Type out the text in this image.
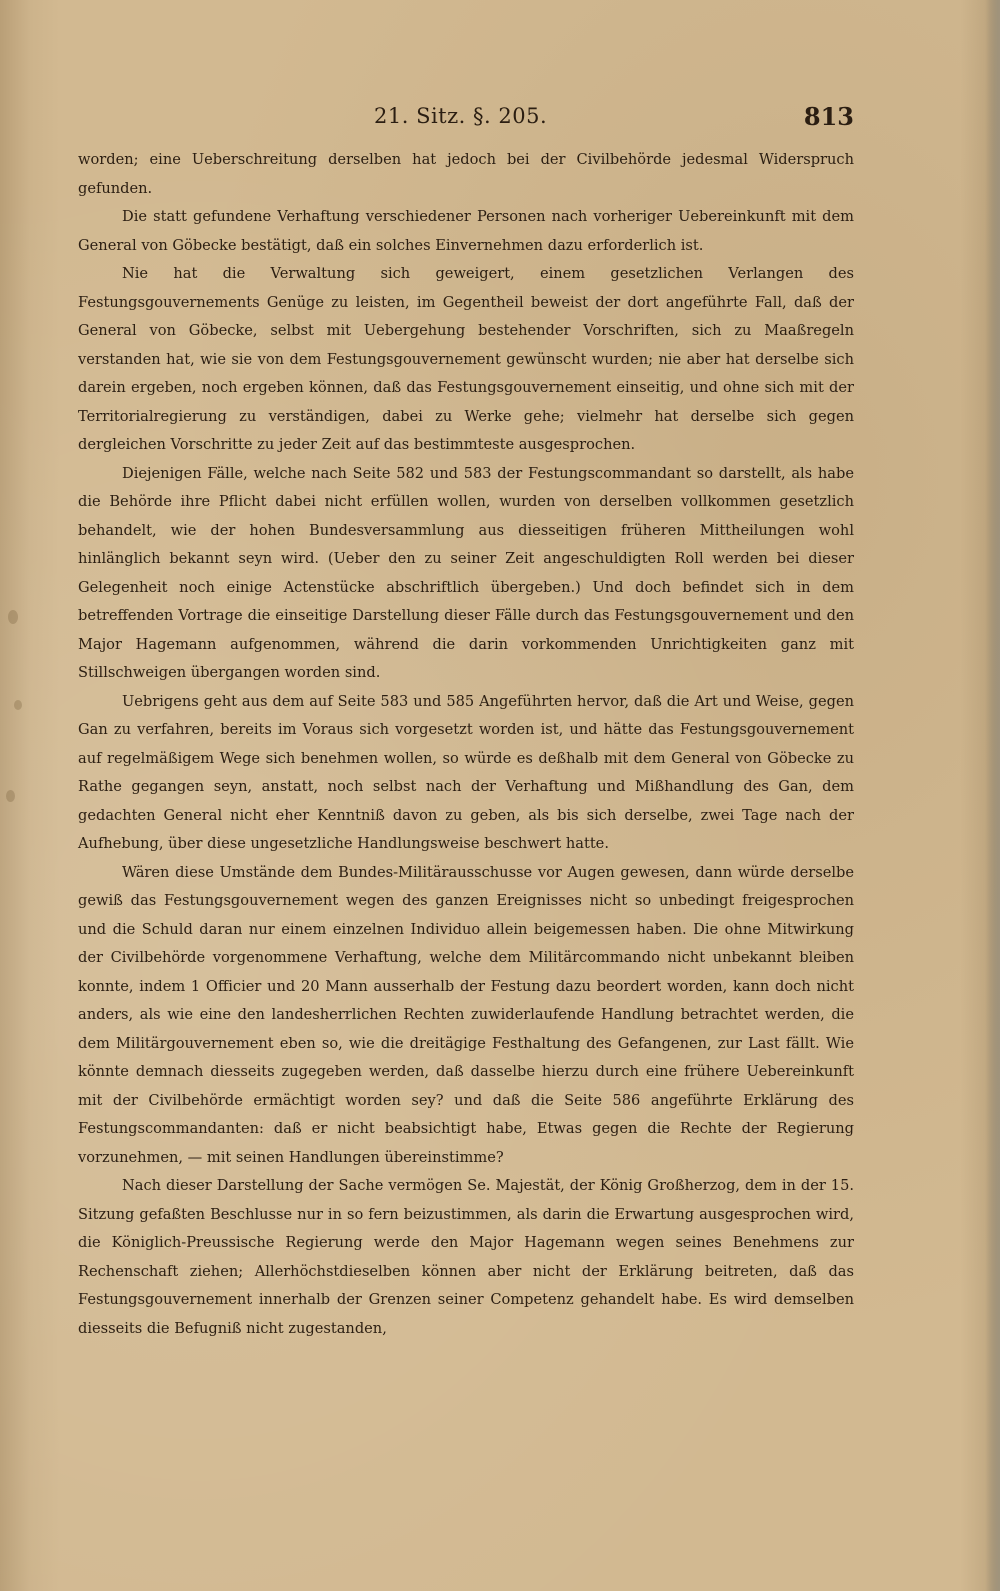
21. Sitz. §. 205.	813

worden; eine Ueberschreitung derselben hat jedoch bei der Civilbehörde jedesmal Widerspruch gefunden.

Die statt gefundene Verhaftung verschiedener Personen nach vorheriger Uebereinkunft mit dem General von Göbecke bestätigt, daß ein solches Einvernehmen dazu erforderlich ist.

Nie hat die Verwaltung sich geweigert, einem gesetzlichen Verlangen des Festungsgouvernements Genüge zu leisten, im Gegentheil beweist der dort angeführte Fall, daß der General von Göbecke, selbst mit Uebergehung bestehender Vorschriften, sich zu Maaßregeln verstanden hat, wie sie von dem Festungsgouvernement gewünscht wurden; nie aber hat derselbe sich darein ergeben, noch ergeben können, daß das Festungsgouvernement einseitig, und ohne sich mit der Territorialregierung zu verständigen, dabei zu Werke gehe; vielmehr hat derselbe sich gegen dergleichen Vorschritte zu jeder Zeit auf das bestimmteste ausgesprochen.

Diejenigen Fälle, welche nach Seite 582 und 583 der Festungscommandant so darstellt, als habe die Behörde ihre Pflicht dabei nicht erfüllen wollen, wurden von derselben vollkommen gesetzlich behandelt, wie der hohen Bundesversammlung aus diesseitigen früheren Mittheilungen wohl hinlänglich bekannt seyn wird. (Ueber den zu seiner Zeit angeschuldigten Roll werden bei dieser Gelegenheit noch einige Actenstücke abschriftlich übergeben.) Und doch befindet sich in dem betreffenden Vortrage die einseitige Darstellung dieser Fälle durch das Festungsgouvernement und den Major Hagemann aufgenommen, während die darin vorkommenden Unrichtigkeiten ganz mit Stillschweigen übergangen worden sind.

Uebrigens geht aus dem auf Seite 583 und 585 Angeführten hervor, daß die Art und Weise, gegen Gan zu verfahren, bereits im Voraus sich vorgesetzt worden ist, und hätte das Festungsgouvernement auf regelmäßigem Wege sich benehmen wollen, so würde es deßhalb mit dem General von Göbecke zu Rathe gegangen seyn, anstatt, noch selbst nach der Verhaftung und Mißhandlung des Gan, dem gedachten General nicht eher Kenntniß davon zu geben, als bis sich derselbe, zwei Tage nach der Aufhebung, über diese ungesetzliche Handlungsweise beschwert hatte.

Wären diese Umstände dem Bundes-Militärausschusse vor Augen gewesen, dann würde derselbe gewiß das Festungsgouvernement wegen des ganzen Ereignisses nicht so unbedingt freigesprochen und die Schuld daran nur einem einzelnen Individuo allein beigemessen haben. Die ohne Mitwirkung der Civilbehörde vorgenommene Verhaftung, welche dem Militärcommando nicht unbekannt bleiben konnte, indem 1 Officier und 20 Mann ausserhalb der Festung dazu beordert worden, kann doch nicht anders, als wie eine den landesherrlichen Rechten zuwiderlaufende Handlung betrachtet werden, die dem Militärgouvernement eben so, wie die dreitägige Festhaltung des Gefangenen, zur Last fällt. Wie könnte demnach diesseits zugegeben werden, daß dasselbe hierzu durch eine frühere Uebereinkunft mit der Civilbehörde ermächtigt worden sey? und daß die Seite 586 angeführte Erklärung des Festungscommandanten: daß er nicht beabsichtigt habe, Etwas gegen die Rechte der Regierung vorzunehmen, — mit seinen Handlungen übereinstimme?

Nach dieser Darstellung der Sache vermögen Se. Majestät, der König Großherzog, dem in der 15. Sitzung gefaßten Beschlusse nur in so fern beizustimmen, als darin die Erwartung ausgesprochen wird, die Königlich-Preussische Regierung werde den Major Hagemann wegen seines Benehmens zur Rechenschaft ziehen; Allerhöchstdieselben können aber nicht der Erklärung beitreten, daß das Festungsgouvernement innerhalb der Grenzen seiner Competenz gehandelt habe. Es wird demselben diesseits die Befugniß nicht zugestanden,
